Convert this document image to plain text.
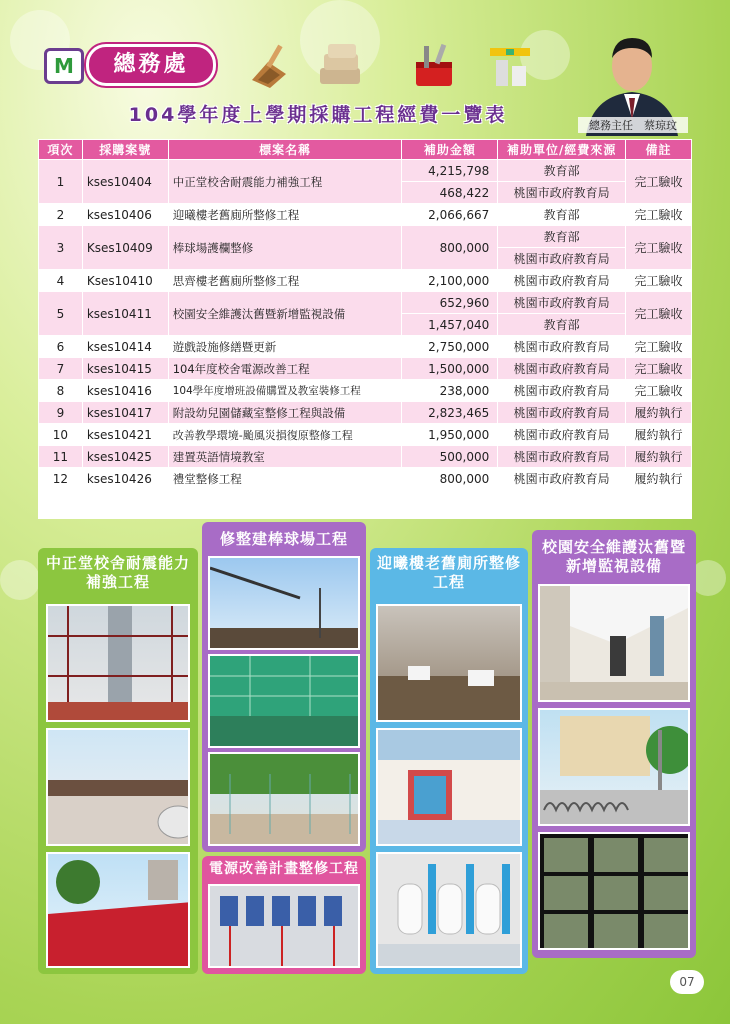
M	總務處
總務主任　蔡琼玟
104學年度上學期採購工程經費一覽表
項次	採購案號	標案名稱	補助金額	補助單位/經費來源	備註
1	kses10404	中正堂校舍耐震能力補強工程	4,215,798	教育部	完工驗收
			468,422	桃園市政府教育局	
2	kses10406	迎曦樓老舊廁所整修工程	2,066,667	教育部	完工驗收
3	Kses10409	棒球場護欄整修	800,000	教育部	完工驗收
				桃園市政府教育局	
4	Kses10410	思齊樓老舊廁所整修工程	2,100,000	桃園市政府教育局	完工驗收
5	kses10411	校園安全維護汰舊暨新增監視設備	652,960	桃園市政府教育局	完工驗收
			1,457,040	教育部	
6	kses10414	遊戲設施修繕暨更新	2,750,000	桃園市政府教育局	完工驗收
7	kses10415	104年度校舍電源改善工程	1,500,000	桃園市政府教育局	完工驗收
8	kses10416	104學年度增班設備購置及教室裝修工程	238,000	桃園市政府教育局	完工驗收
9	kses10417	附設幼兒園儲藏室整修工程與設備	2,823,465	桃園市政府教育局	履約執行
10	kses10421	改善教學環境-颱風災損復原整修工程	1,950,000	桃園市政府教育局	履約執行
11	kses10425	建置英語情境教室	500,000	桃園市政府教育局	履約執行
12	kses10426	禮堂整修工程	800,000	桃園市政府教育局	履約執行
中正堂校舍耐震能力補強工程
修整建棒球場工程
電源改善計畫整修工程
迎曦樓老舊廁所整修工程
校園安全維護汰舊暨新增監視設備
07
